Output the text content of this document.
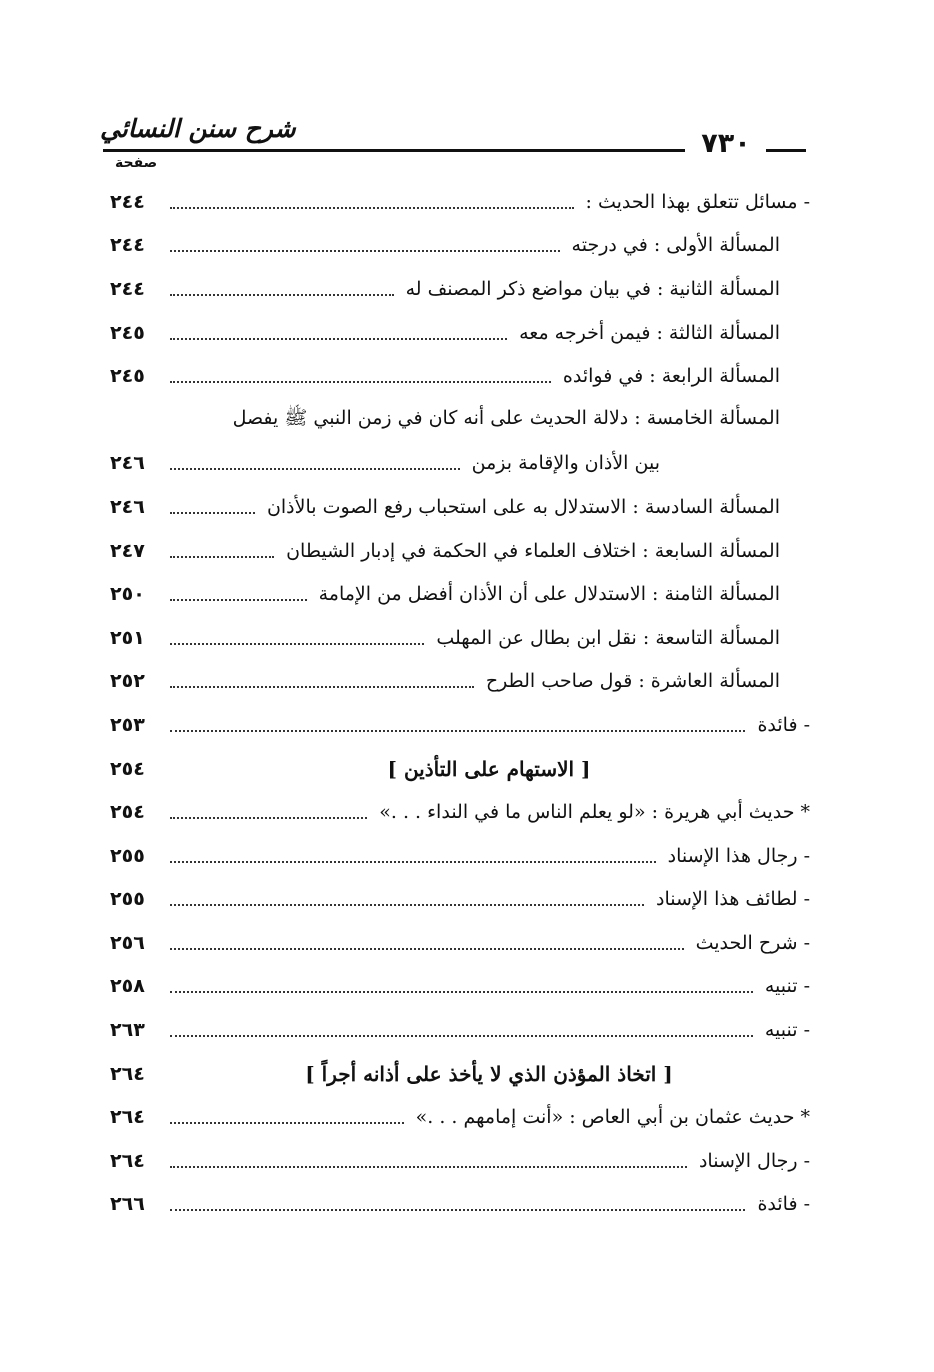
شرح سنن النسائي	٧٣٠
صفحة
- مسائل تتعلق بهذا الحديث :
٢٤٤
المسألة الأولى : في درجته
٢٤٤
المسألة الثانية : في بيان مواضع ذكر المصنف له
٢٤٤
المسألة الثالثة : فيمن أخرجه معه
٢٤٥
المسألة الرابعة : في فوائده
٢٤٥
المسألة الخامسة : دلالة الحديث على أنه كان في زمن النبي ﷺ يفصل
بين الأذان والإقامة بزمن
٢٤٦
المسألة السادسة : الاستدلال به على استحباب رفع الصوت بالأذان
٢٤٦
المسألة السابعة : اختلاف العلماء في الحكمة في إدبار الشيطان
٢٤٧
المسألة الثامنة : الاستدلال على أن الأذان أفضل من الإمامة
٢٥٠
المسألة التاسعة : نقل ابن بطال عن المهلب
٢٥١
المسألة العاشرة : قول صاحب الطرح
٢٥٢
- فائدة
٢٥٣
[ الاستهام على التأذين ]
٢٥٤
* حديث أبي هريرة : «لو يعلم الناس ما في النداء . . .»
٢٥٤
- رجال هذا الإسناد
٢٥٥
- لطائف هذا الإسناد
٢٥٥
- شرح الحديث
٢٥٦
- تنبيه
٢٥٨
- تنبيه
٢٦٣
[ اتخاذ المؤذن الذي لا يأخذ على أذانه أجراً ]
٢٦٤
* حديث عثمان بن أبي العاص : «أنت إمامهم . . .»
٢٦٤
- رجال الإسناد
٢٦٤
- فائدة
٢٦٦
